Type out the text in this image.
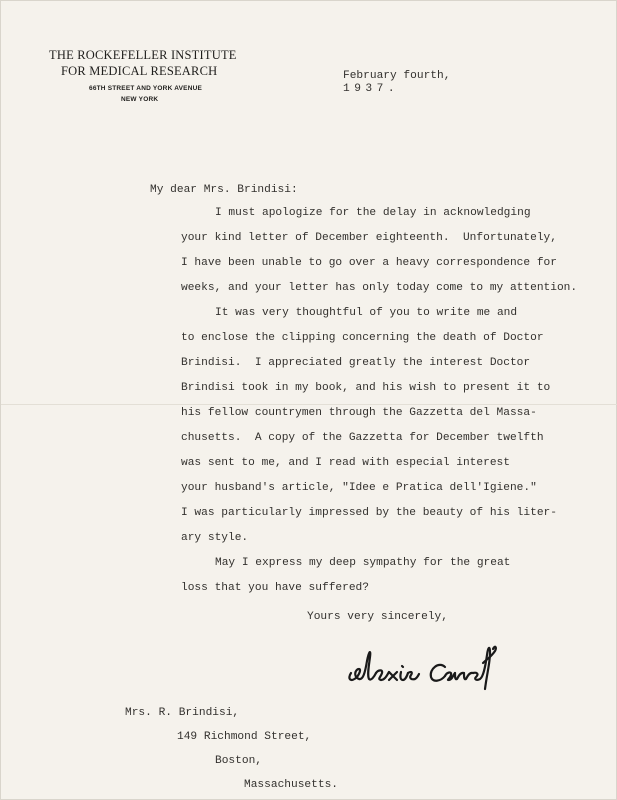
THE ROCKEFELLER INSTITUTE
FOR MEDICAL RESEARCH
66TH STREET AND YORK AVENUE
NEW YORK
February fourth,
1937.
My dear Mrs. Brindisi:
I must apologize for the delay in acknowledging
your kind letter of December eighteenth.  Unfortunately,
I have been unable to go over a heavy correspondence for
weeks, and your letter has only today come to my attention.
It was very thoughtful of you to write me and
to enclose the clipping concerning the death of Doctor
Brindisi.  I appreciated greatly the interest Doctor
Brindisi took in my book, and his wish to present it to
his fellow countrymen through the Gazzetta del Massa-
chusetts.  A copy of the Gazzetta for December twelfth
was sent to me, and I read with especial interest
your husband's article, "Idee e Pratica dell'Igiene."
I was particularly impressed by the beauty of his liter-
ary style.
May I express my deep sympathy for the great
loss that you have suffered?
Yours very sincerely,
Mrs. R. Brindisi,
149 Richmond Street,
Boston,
Massachusetts.
